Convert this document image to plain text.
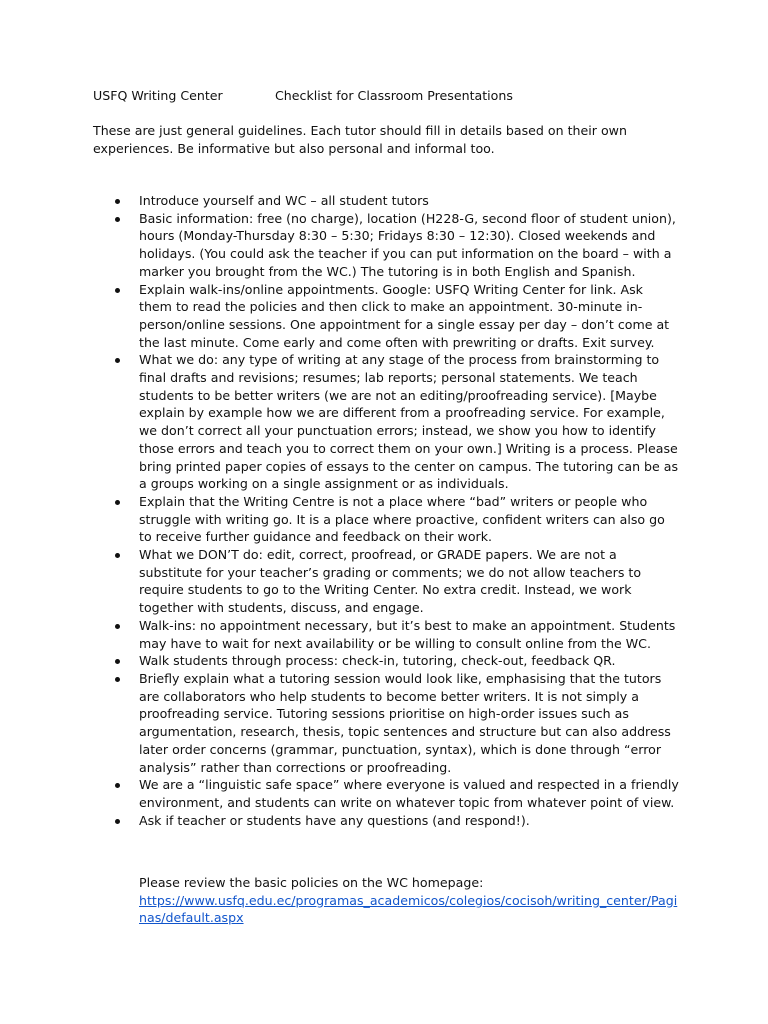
USFQ Writing Center	Checklist for Classroom Presentations

These are just general guidelines. Each tutor should fill in details based on their own experiences. Be informative but also personal and informal too.

Introduce yourself and WC – all student tutors
Basic information: free (no charge), location (H228-G, second floor of student union), hours (Monday-Thursday 8:30 – 5:30; Fridays 8:30 – 12:30). Closed weekends and holidays. (You could ask the teacher if you can put information on the board – with a marker you brought from the WC.) The tutoring is in both English and Spanish.
Explain walk-ins/online appointments. Google: USFQ Writing Center for link. Ask them to read the policies and then click to make an appointment. 30-minute in-person/online sessions. One appointment for a single essay per day – don’t come at the last minute. Come early and come often with prewriting or drafts. Exit survey.
What we do: any type of writing at any stage of the process from brainstorming to final drafts and revisions; resumes; lab reports; personal statements. We teach students to be better writers (we are not an editing/proofreading service). [Maybe explain by example how we are different from a proofreading service. For example, we don’t correct all your punctuation errors; instead, we show you how to identify those errors and teach you to correct them on your own.] Writing is a process. Please bring printed paper copies of essays to the center on campus. The tutoring can be as a groups working on a single assignment or as individuals.
Explain that the Writing Centre is not a place where “bad” writers or people who struggle with writing go. It is a place where proactive, confident writers can also go to receive further guidance and feedback on their work.
What we DON’T do: edit, correct, proofread, or GRADE papers. We are not a substitute for your teacher’s grading or comments; we do not allow teachers to require students to go to the Writing Center. No extra credit. Instead, we work together with students, discuss, and engage.
Walk-ins: no appointment necessary, but it’s best to make an appointment. Students may have to wait for next availability or be willing to consult online from the WC.
Walk students through process: check-in, tutoring, check-out, feedback QR.
Briefly explain what a tutoring session would look like, emphasising that the tutors are collaborators who help students to become better writers. It is not simply a proofreading service. Tutoring sessions prioritise on high-order issues such as argumentation, research, thesis, topic sentences and structure but can also address later order concerns (grammar, punctuation, syntax), which is done through “error analysis” rather than corrections or proofreading.
We are a “linguistic safe space” where everyone is valued and respected in a friendly environment, and students can write on whatever topic from whatever point of view.
Ask if teacher or students have any questions (and respond!).

Please review the basic policies on the WC homepage:

https://www.usfq.edu.ec/programas_academicos/colegios/cocisoh/writing_center/Paginas/default.aspx
